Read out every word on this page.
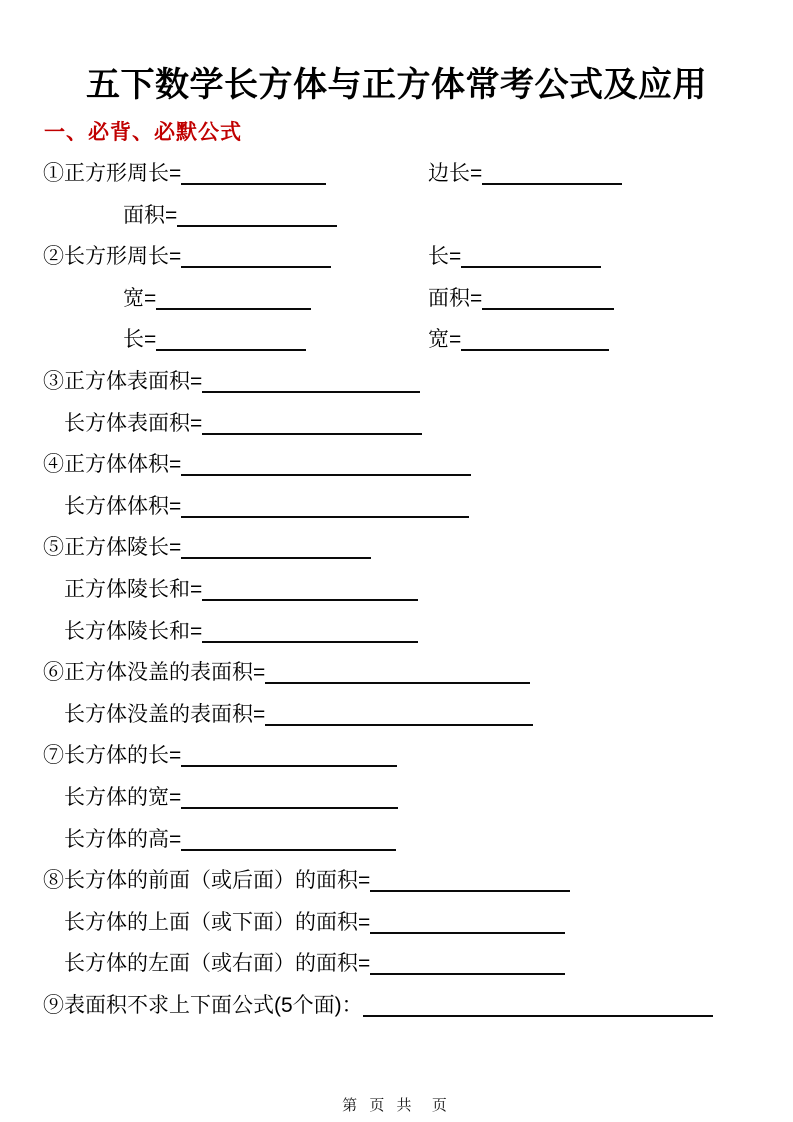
五下数学长方体与正方体常考公式及应用
一、必背、必默公式
①正方形周长=	边长=
面积=
②长方形周长=	长=
宽=	面积=
长=	宽=
③正方体表面积=
长方体表面积=
④正方体体积=
长方体体积=
⑤正方体陵长=
正方体陵长和=
长方体陵长和=
⑥正方体没盖的表面积=
长方体没盖的表面积=
⑦长方体的长=
长方体的宽=
长方体的高=
⑧长方体的前面（或后面）的面积=
长方体的上面（或下面）的面积=
长方体的左面（或右面）的面积=
⑨表面积不求上下面公式(5个面)：
第 页 共  页
